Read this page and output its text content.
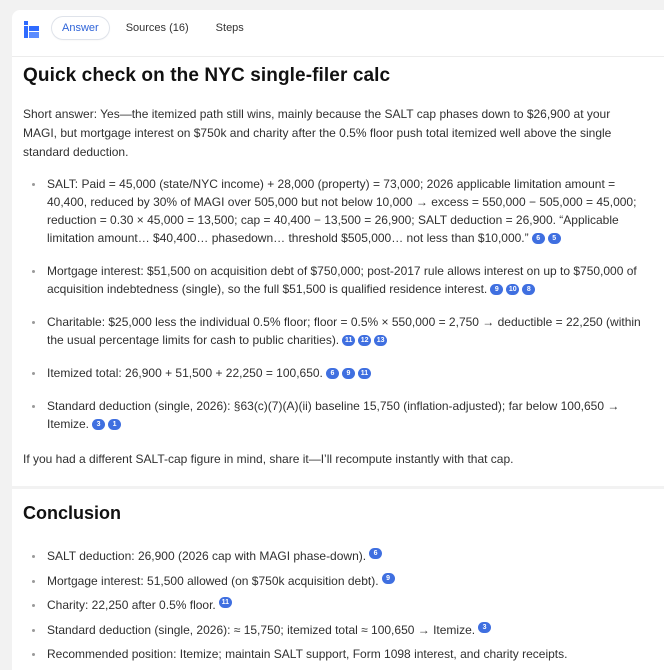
Answer	Sources (16)	Steps
Quick check on the NYC single-filer calc

Short answer: Yes—the itemized path still wins, mainly because the SALT cap phases down to $26,900 at your MAGI, but mortgage interest on $750k and charity after the 0.5% floor push total itemized well above the single standard deduction.

SALT: Paid = 45,000 (state/NYC income) + 28,000 (property) = 73,000; 2026 applicable limitation amount = 40,400, reduced by 30% of MAGI over 505,000 but not below 10,000 → excess = 550,000 − 505,000 = 45,000; reduction = 0.30 × 45,000 = 13,500; cap = 40,400 − 13,500 = 26,900; SALT deduction = 26,900. “Applicable limitation amount… $40,400… phasedown… threshold $505,000… not less than $10,000.” 6 5
Mortgage interest: $51,500 on acquisition debt of $750,000; post-2017 rule allows interest on up to $750,000 of acquisition indebtedness (single), so the full $51,500 is qualified residence interest. 9 10 8
Charitable: $25,000 less the individual 0.5% floor; floor = 0.5% × 550,000 = 2,750 → deductible = 22,250 (within the usual percentage limits for cash to public charities). 11 12 13
Itemized total: 26,900 + 51,500 + 22,250 = 100,650. 6 9 11
Standard deduction (single, 2026): §63(c)(7)(A)(ii) baseline 15,750 (inflation-adjusted); far below 100,650 → Itemize. 3 1

If you had a different SALT-cap figure in mind, share it—I’ll recompute instantly with that cap.

Conclusion
SALT deduction: 26,900 (2026 cap with MAGI phase-down). 6
Mortgage interest: 51,500 allowed (on $750k acquisition debt). 9
Charity: 22,250 after 0.5% floor. 11
Standard deduction (single, 2026): ≈ 15,750; itemized total ≈ 100,650 → Itemize. 3
Recommended position: Itemize; maintain SALT support, Form 1098 interest, and charity receipts.
